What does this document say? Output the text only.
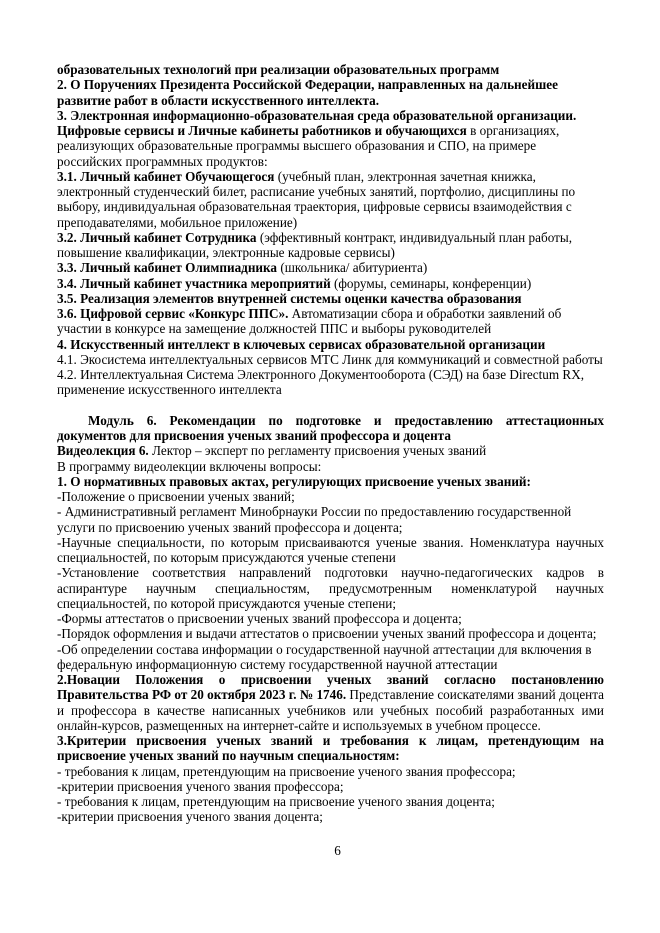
образовательных технологий при реализации образовательных программ

2. О Поручениях Президента Российской Федерации, направленных на дальнейшее развитие работ в области искусственного интеллекта.

3. Электронная информационно-образовательная среда образовательной организации. Цифровые сервисы и Личные кабинеты работников и обучающихся в организациях, реализующих образовательные программы высшего образования и СПО, на примере российских программных продуктов:

3.1. Личный кабинет Обучающегося (учебный план, электронная зачетная книжка, электронный студенческий билет, расписание учебных занятий, портфолио, дисциплины по выбору, индивидуальная образовательная траектория, цифровые сервисы взаимодействия с преподавателями, мобильное приложение)

3.2. Личный кабинет Сотрудника (эффективный контракт, индивидуальный план работы, повышение квалификации, электронные кадровые сервисы)

3.3. Личный кабинет Олимпиадника (школьника/ абитуриента)

3.4. Личный кабинет участника мероприятий (форумы, семинары, конференции)

3.5. Реализация элементов внутренней системы оценки качества образования

3.6. Цифровой сервис «Конкурс ППС». Автоматизации сбора и обработки заявлений об участии в конкурсе на замещение должностей ППС и выборы руководителей

4. Искусственный интеллект в ключевых сервисах образовательной организации

4.1. Экосистема интеллектуальных сервисов МТС Линк для коммуникаций и совместной работы

4.2. Интеллектуальная Система Электронного Документооборота (СЭД) на базе Directum RX, применение искусственного интеллекта

Модуль 6. Рекомендации по подготовке и предоставлению аттестационных документов для присвоения ученых званий профессора и доцента

Видеолекция 6. Лектор – эксперт по регламенту присвоения ученых званий

В программу видеолекции включены вопросы:

1. О нормативных правовых актах, регулирующих присвоение ученых званий:

-Положение о присвоении ученых званий;

- Административный регламент Минобрнауки России по предоставлению государственной услуги по присвоению ученых званий профессора и доцента;

-Научные специальности, по которым присваиваются ученые звания. Номенклатура научных специальностей, по которым присуждаются ученые степени

-Установление соответствия направлений подготовки научно-педагогических кадров в аспирантуре научным специальностям, предусмотренным номенклатурой научных специальностей, по которой присуждаются ученые степени;

-Формы аттестатов о присвоении ученых званий профессора и доцента;

-Порядок оформления и выдачи аттестатов о присвоении ученых званий профессора и доцента;

-Об определении состава информации о государственной научной аттестации для включения в федеральную информационную систему государственной научной аттестации

2.Новации Положения о присвоении ученых званий согласно постановлению Правительства РФ от 20 октября 2023 г. № 1746. Представление соискателями званий доцента и профессора в качестве написанных учебников или учебных пособий разработанных ими онлайн-курсов, размещенных на интернет-сайте и используемых в учебном процессе.

3.Критерии присвоения ученых званий и требования к лицам, претендующим на присвоение ученых званий по научным специальностям:

- требования к лицам, претендующим на присвоение ученого звания профессора;

-критерии присвоения ученого звания профессора;

- требования к лицам, претендующим на присвоение ученого звания доцента;

-критерии присвоения ученого звания доцента;

6
